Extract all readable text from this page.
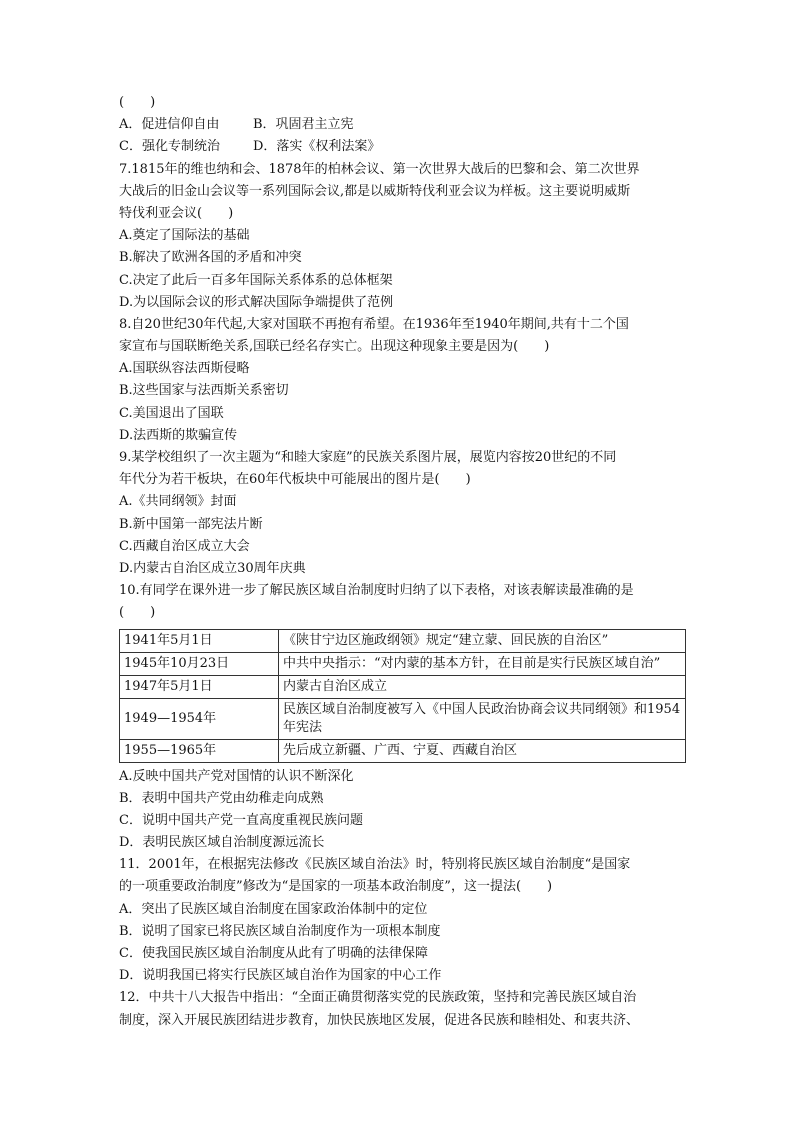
(　　)
A．促进信仰自由	B．巩固君主立宪
C．强化专制统治	D．落实《权利法案》
7.1815年的维也纳和会、1878年的柏林会议、第一次世界大战后的巴黎和会、第二次世界
大战后的旧金山会议等一系列国际会议,都是以威斯特伐利亚会议为样板。这主要说明威斯
特伐利亚会议(　　)
A.奠定了国际法的基础
B.解决了欧洲各国的矛盾和冲突
C.决定了此后一百多年国际关系体系的总体框架
D.为以国际会议的形式解决国际争端提供了范例
8.自20世纪30年代起,大家对国联不再抱有希望。在1936年至1940年期间,共有十二个国
家宣布与国联断绝关系,国联已经名存实亡。出现这种现象主要是因为(　　)
A.国联纵容法西斯侵略
B.这些国家与法西斯关系密切
C.美国退出了国联
D.法西斯的欺骗宣传
9.某学校组织了一次主题为“和睦大家庭”的民族关系图片展，展览内容按20世纪的不同
年代分为若干板块，在60年代板块中可能展出的图片是(　　)
A.《共同纲领》封面
B.新中国第一部宪法片断
C.西藏自治区成立大会
D.内蒙古自治区成立30周年庆典
10.有同学在课外进一步了解民族区域自治制度时归纳了以下表格，对该表解读最准确的是
(　　)
1941年5月1日	《陕甘宁边区施政纲领》规定“建立蒙、回民族的自治区”
1945年10月23日	中共中央指示：“对内蒙的基本方针，在目前是实行民族区域自治”
1947年5月1日	内蒙古自治区成立
1949—1954年	民族区域自治制度被写入《中国人民政治协商会议共同纲领》和1954年宪法
1955—1965年	先后成立新疆、广西、宁夏、西藏自治区
A.反映中国共产党对国情的认识不断深化
B．表明中国共产党由幼稚走向成熟
C．说明中国共产党一直高度重视民族问题
D．表明民族区域自治制度源远流长
11．2001年，在根据宪法修改《民族区域自治法》时，特别将民族区域自治制度“是国家
的一项重要政治制度”修改为“是国家的一项基本政治制度”，这一提法(　　)
A．突出了民族区域自治制度在国家政治体制中的定位
B．说明了国家已将民族区域自治制度作为一项根本制度
C．使我国民族区域自治制度从此有了明确的法律保障
D．说明我国已将实行民族区域自治作为国家的中心工作
12．中共十八大报告中指出：“全面正确贯彻落实党的民族政策，坚持和完善民族区域自治
制度，深入开展民族团结进步教育，加快民族地区发展，促进各民族和睦相处、和衷共济、
